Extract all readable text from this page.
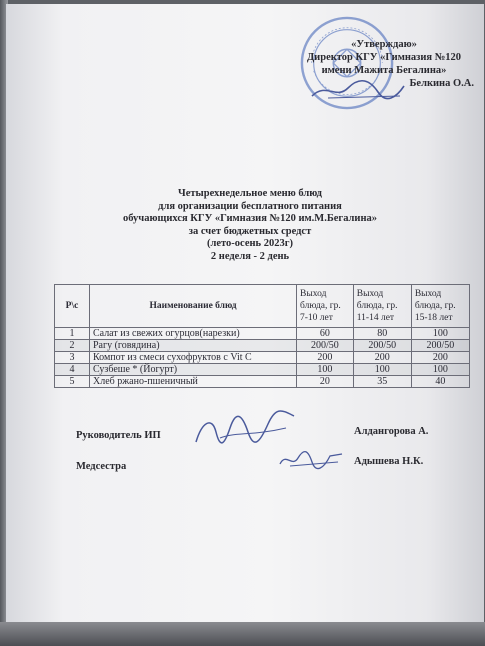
«Утверждаю»
Директор КГУ «Гимназия №120
имени Мажита Бегалина»
Белкина О.А.
Четырехнедельное меню блюд
для организации бесплатного питания
обучающихся КГУ «Гимназия №120 им.М.Бегалина»
за счет бюджетных средст
(лето-осень 2023г)
2 неделя - 2 день
Р\с	Наименование блюд	Выход блюда, гр. 7-10 лет	Выход блюда, гр. 11-14 лет	Выход блюда, гр. 15-18 лет
1	Салат из свежих огурцов(нарезки)	60	80	100
2	Рагу (говядина)	200/50	200/50	200/50
3	Компот из смеси сухофруктов с Vit C	200	200	200
4	Сузбеше * (Йогурт)	100	100	100
5	Хлеб ржано-пшеничный	20	35	40
Руководитель ИП	Алдангорова А.
Медсестра	Адышева Н.К.
